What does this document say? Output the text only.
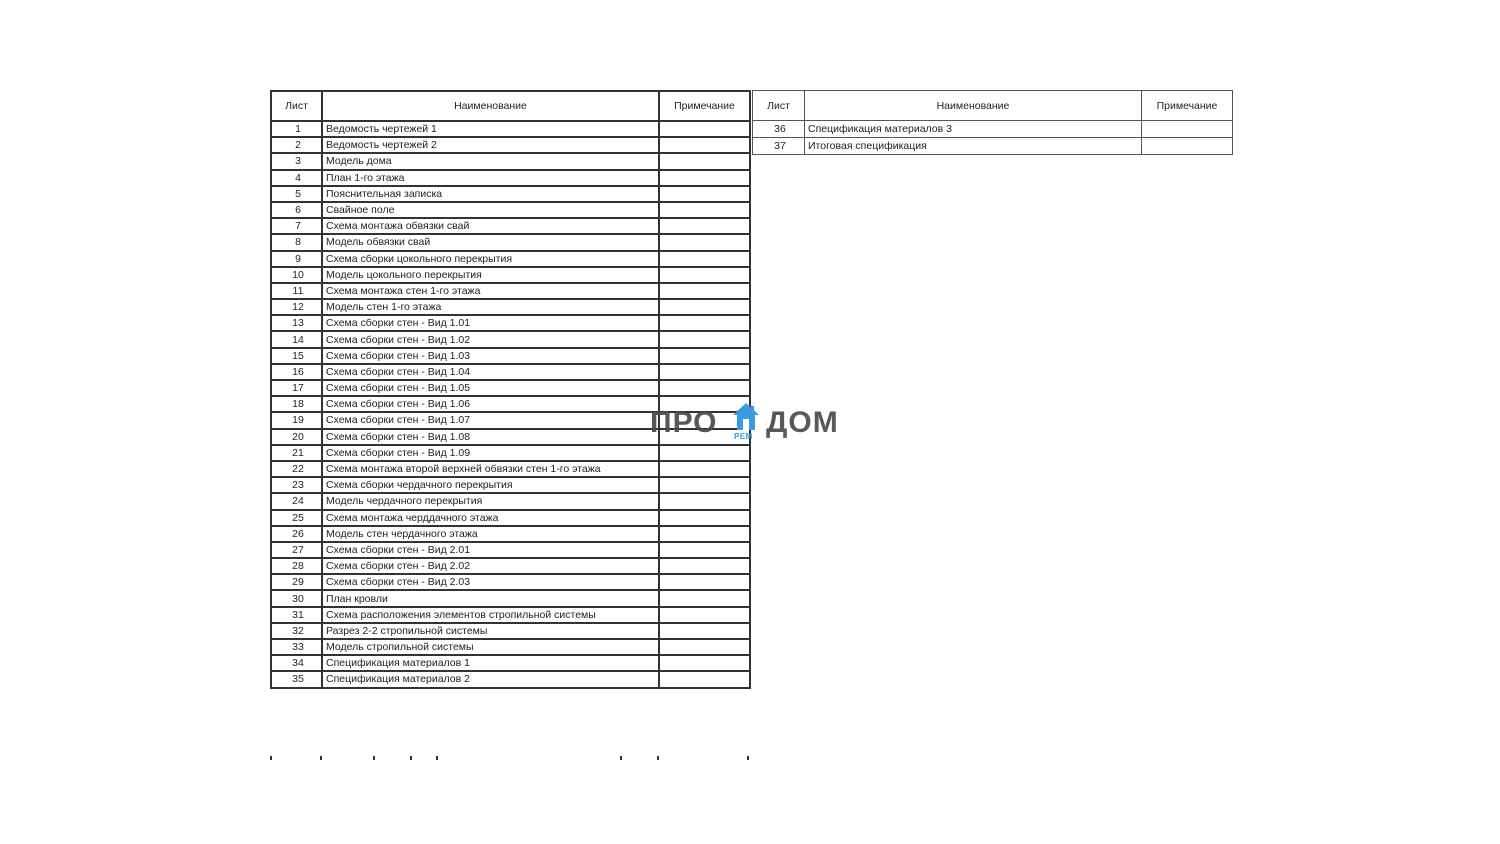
Лист	Наименование	Примечание
1	Ведомость чертежей 1	
2	Ведомость чертежей 2	
3	Модель дома	
4	План 1-го этажа	
5	Пояснительная записка	
6	Свайное поле	
7	Схема монтажа обвязки свай	
8	Модель обвязки свай	
9	Схема сборки цокольного перекрытия	
10	Модель цокольного перекрытия	
11	Схема монтажа стен 1-го этажа	
12	Модель стен 1-го этажа	
13	Схема сборки стен - Вид 1.01	
14	Схема сборки стен - Вид 1.02	
15	Схема сборки стен - Вид 1.03	
16	Схема сборки стен - Вид 1.04	
17	Схема сборки стен - Вид 1.05	
18	Схема сборки стен - Вид 1.06	
19	Схема сборки стен - Вид 1.07	
20	Схема сборки стен - Вид 1.08	
21	Схема сборки стен - Вид 1.09	
22	Схема монтажа второй верхней обвязки стен 1-го этажа	
23	Схема сборки чердачного перекрытия	
24	Модель чердачного перекрытия	
25	Схема монтажа черддачного этажа	
26	Модель стен чердачного этажа	
27	Схема сборки стен - Вид 2.01	
28	Схема сборки стен - Вид 2.02	
29	Схема сборки стен - Вид 2.03	
30	План кровли	
31	Схема расположения элементов стропильной системы	
32	Разрез 2-2 стропильной системы	
33	Модель стропильной системы	
34	Спецификация материалов 1	
35	Спецификация материалов 2	
Лист	Наименование	Примечание
36	Спецификация материалов 3	
37	Итоговая спецификация	
ПРО РЕМ ДОМ
